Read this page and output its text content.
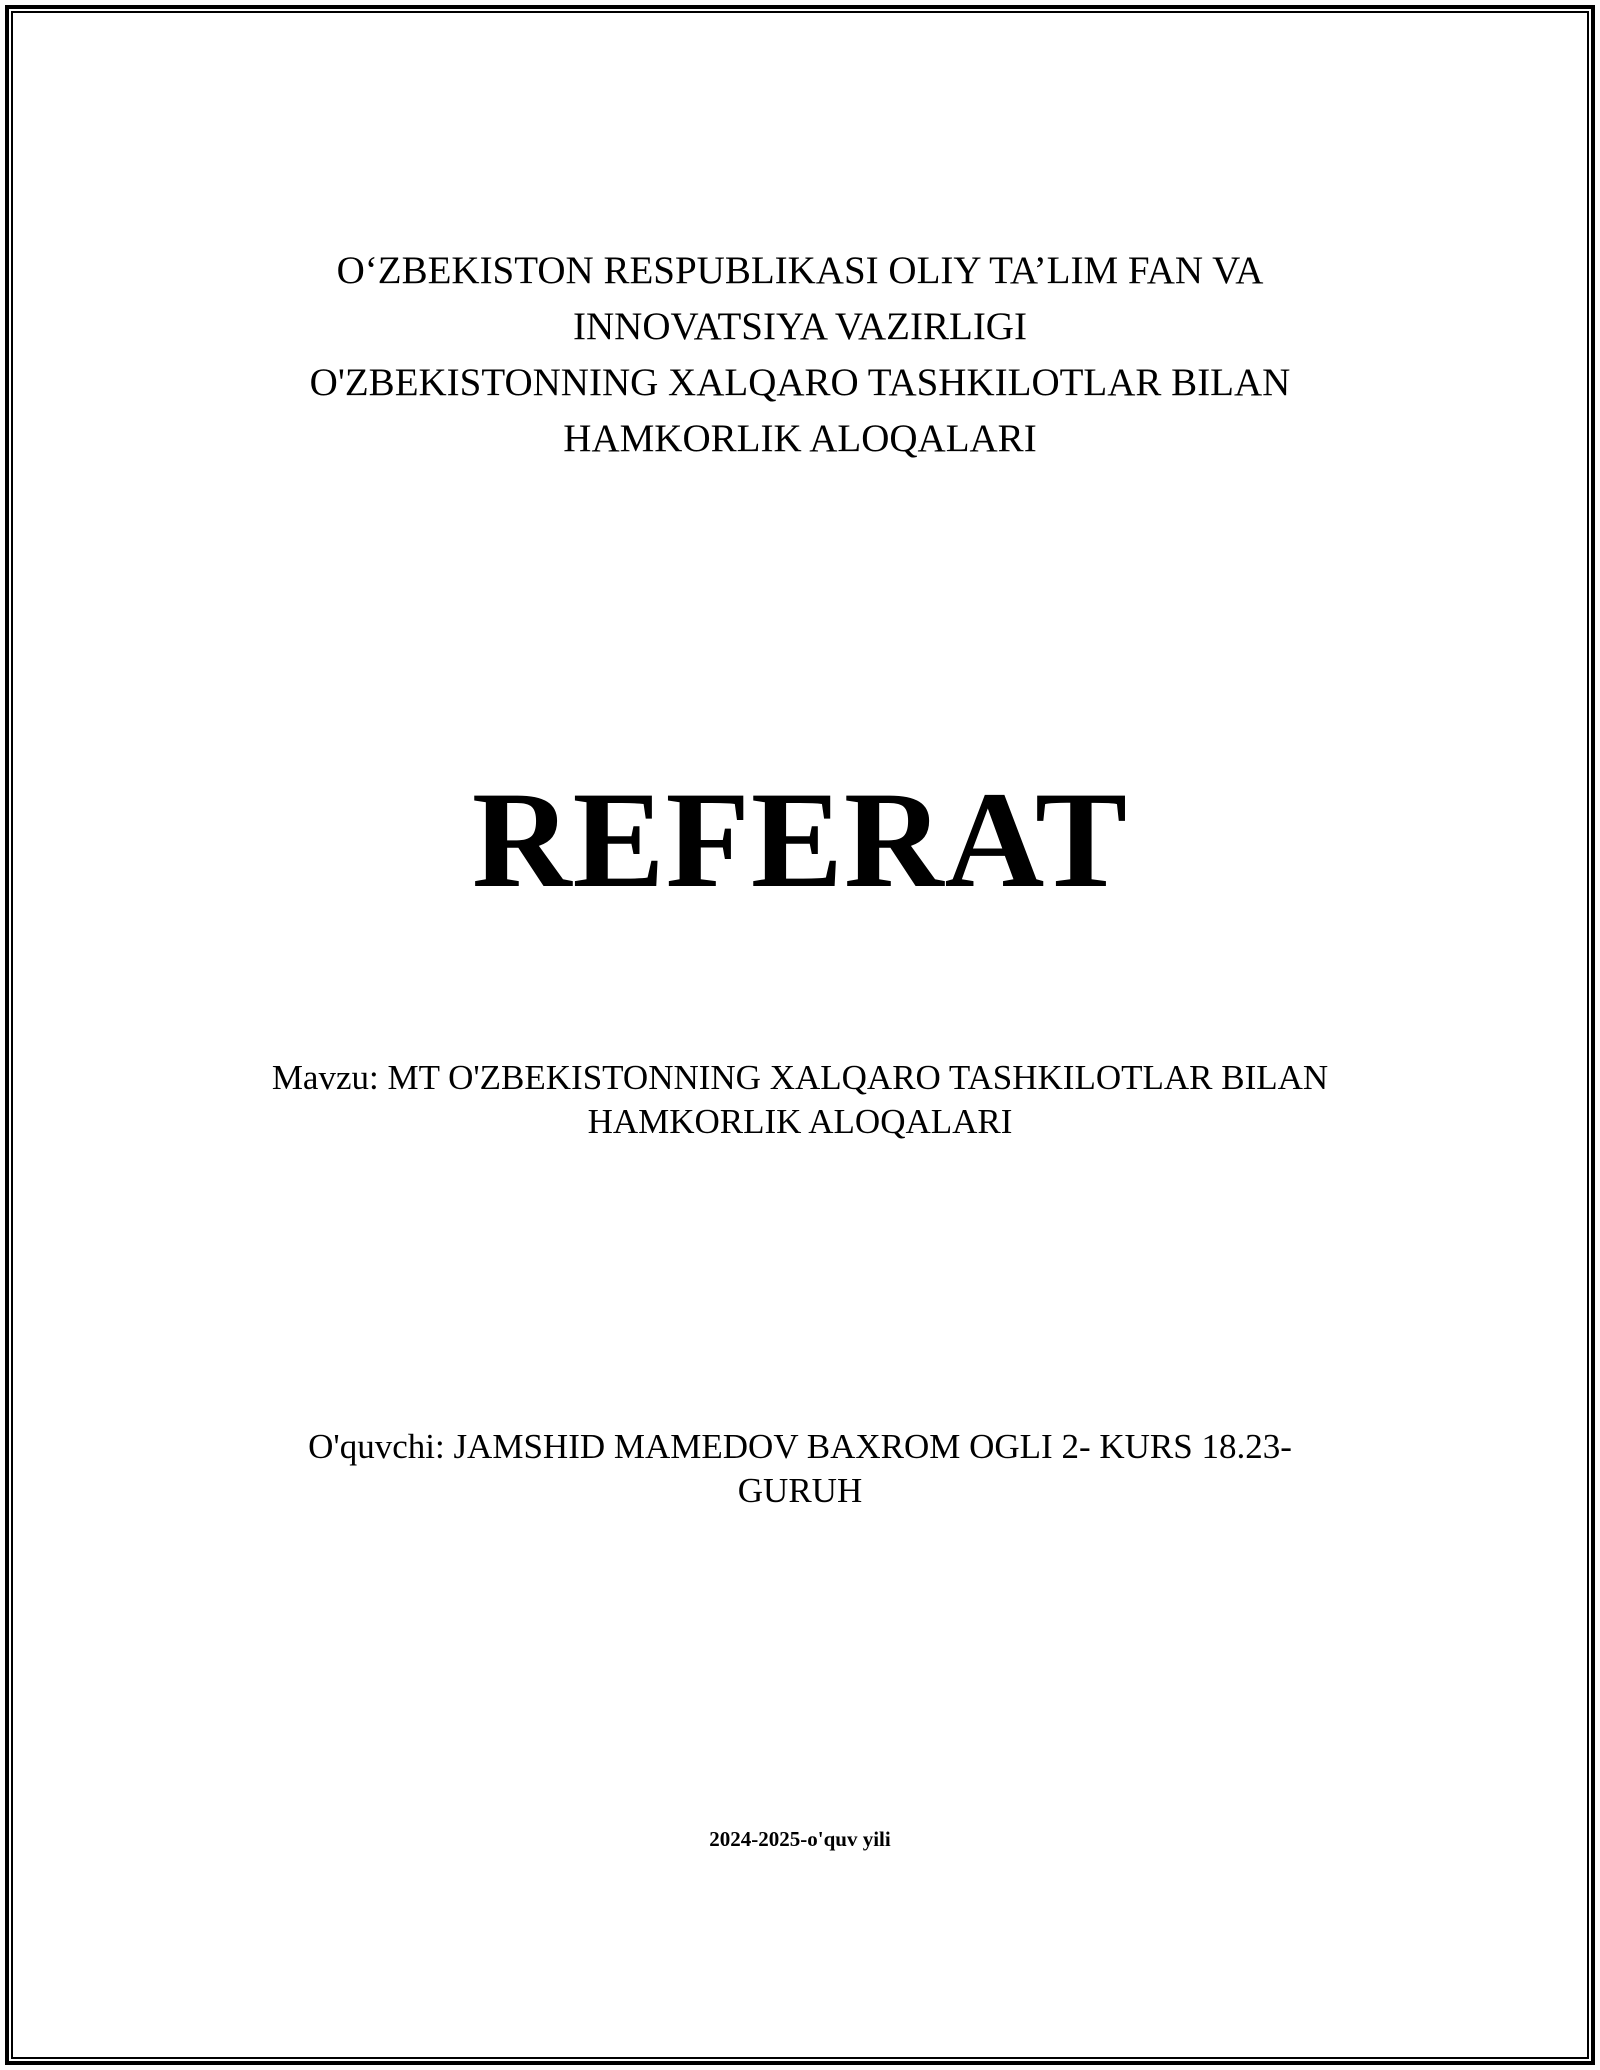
O‘ZBEKISTON RESPUBLIKASI OLIY TA’LIM FAN VA
INNOVATSIYA VAZIRLIGI
O'ZBEKISTONNING XALQARO TASHKILOTLAR BILAN
HAMKORLIK ALOQALARI
REFERAT
Mavzu: MT O'ZBEKISTONNING XALQARO TASHKILOTLAR BILAN
HAMKORLIK ALOQALARI
O'quvchi: JAMSHID MAMEDOV BAXROM OGLI 2- KURS 18.23-
GURUH
2024-2025-o'quv yili
